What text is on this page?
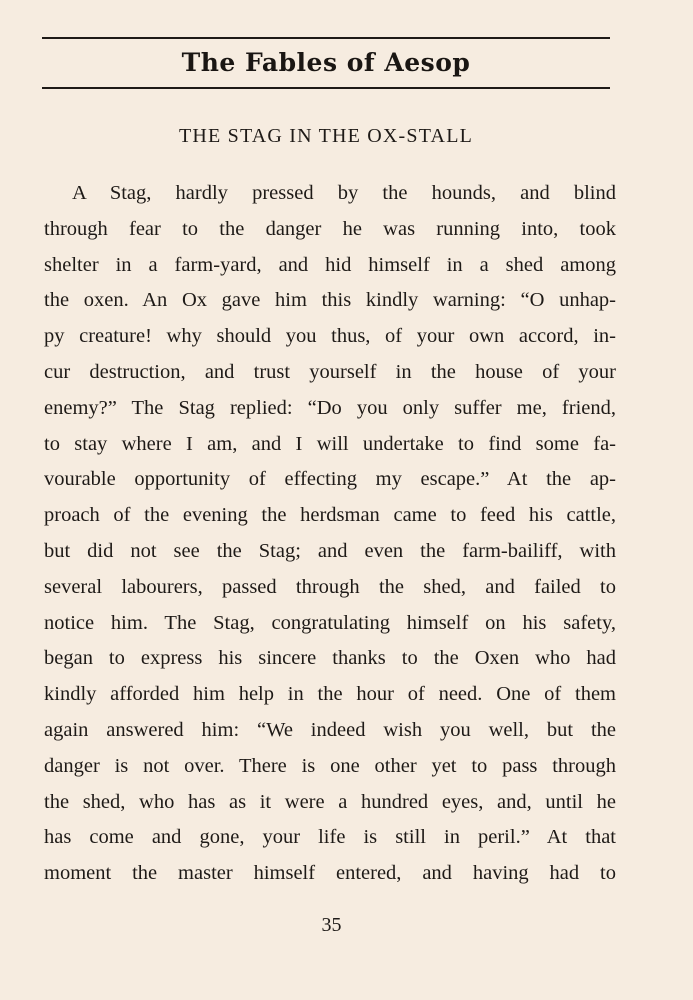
The Fables of Aesop
THE STAG IN THE OX-STALL
A Stag, hardly pressed by the hounds, and blind
through fear to the danger he was running into, took
shelter in a farm-yard, and hid himself in a shed among
the oxen. An Ox gave him this kindly warning: “O unhap-
py creature! why should you thus, of your own accord, in-
cur destruction, and trust yourself in the house of your
enemy?” The Stag replied: “Do you only suffer me, friend,
to stay where I am, and I will undertake to find some fa-
vourable opportunity of effecting my escape.” At the ap-
proach of the evening the herdsman came to feed his cattle,
but did not see the Stag; and even the farm-bailiff, with
several labourers, passed through the shed, and failed to
notice him. The Stag, congratulating himself on his safety,
began to express his sincere thanks to the Oxen who had
kindly afforded him help in the hour of need. One of them
again answered him: “We indeed wish you well, but the
danger is not over. There is one other yet to pass through
the shed, who has as it were a hundred eyes, and, until he
has come and gone, your life is still in peril.” At that
moment the master himself entered, and having had to
35
